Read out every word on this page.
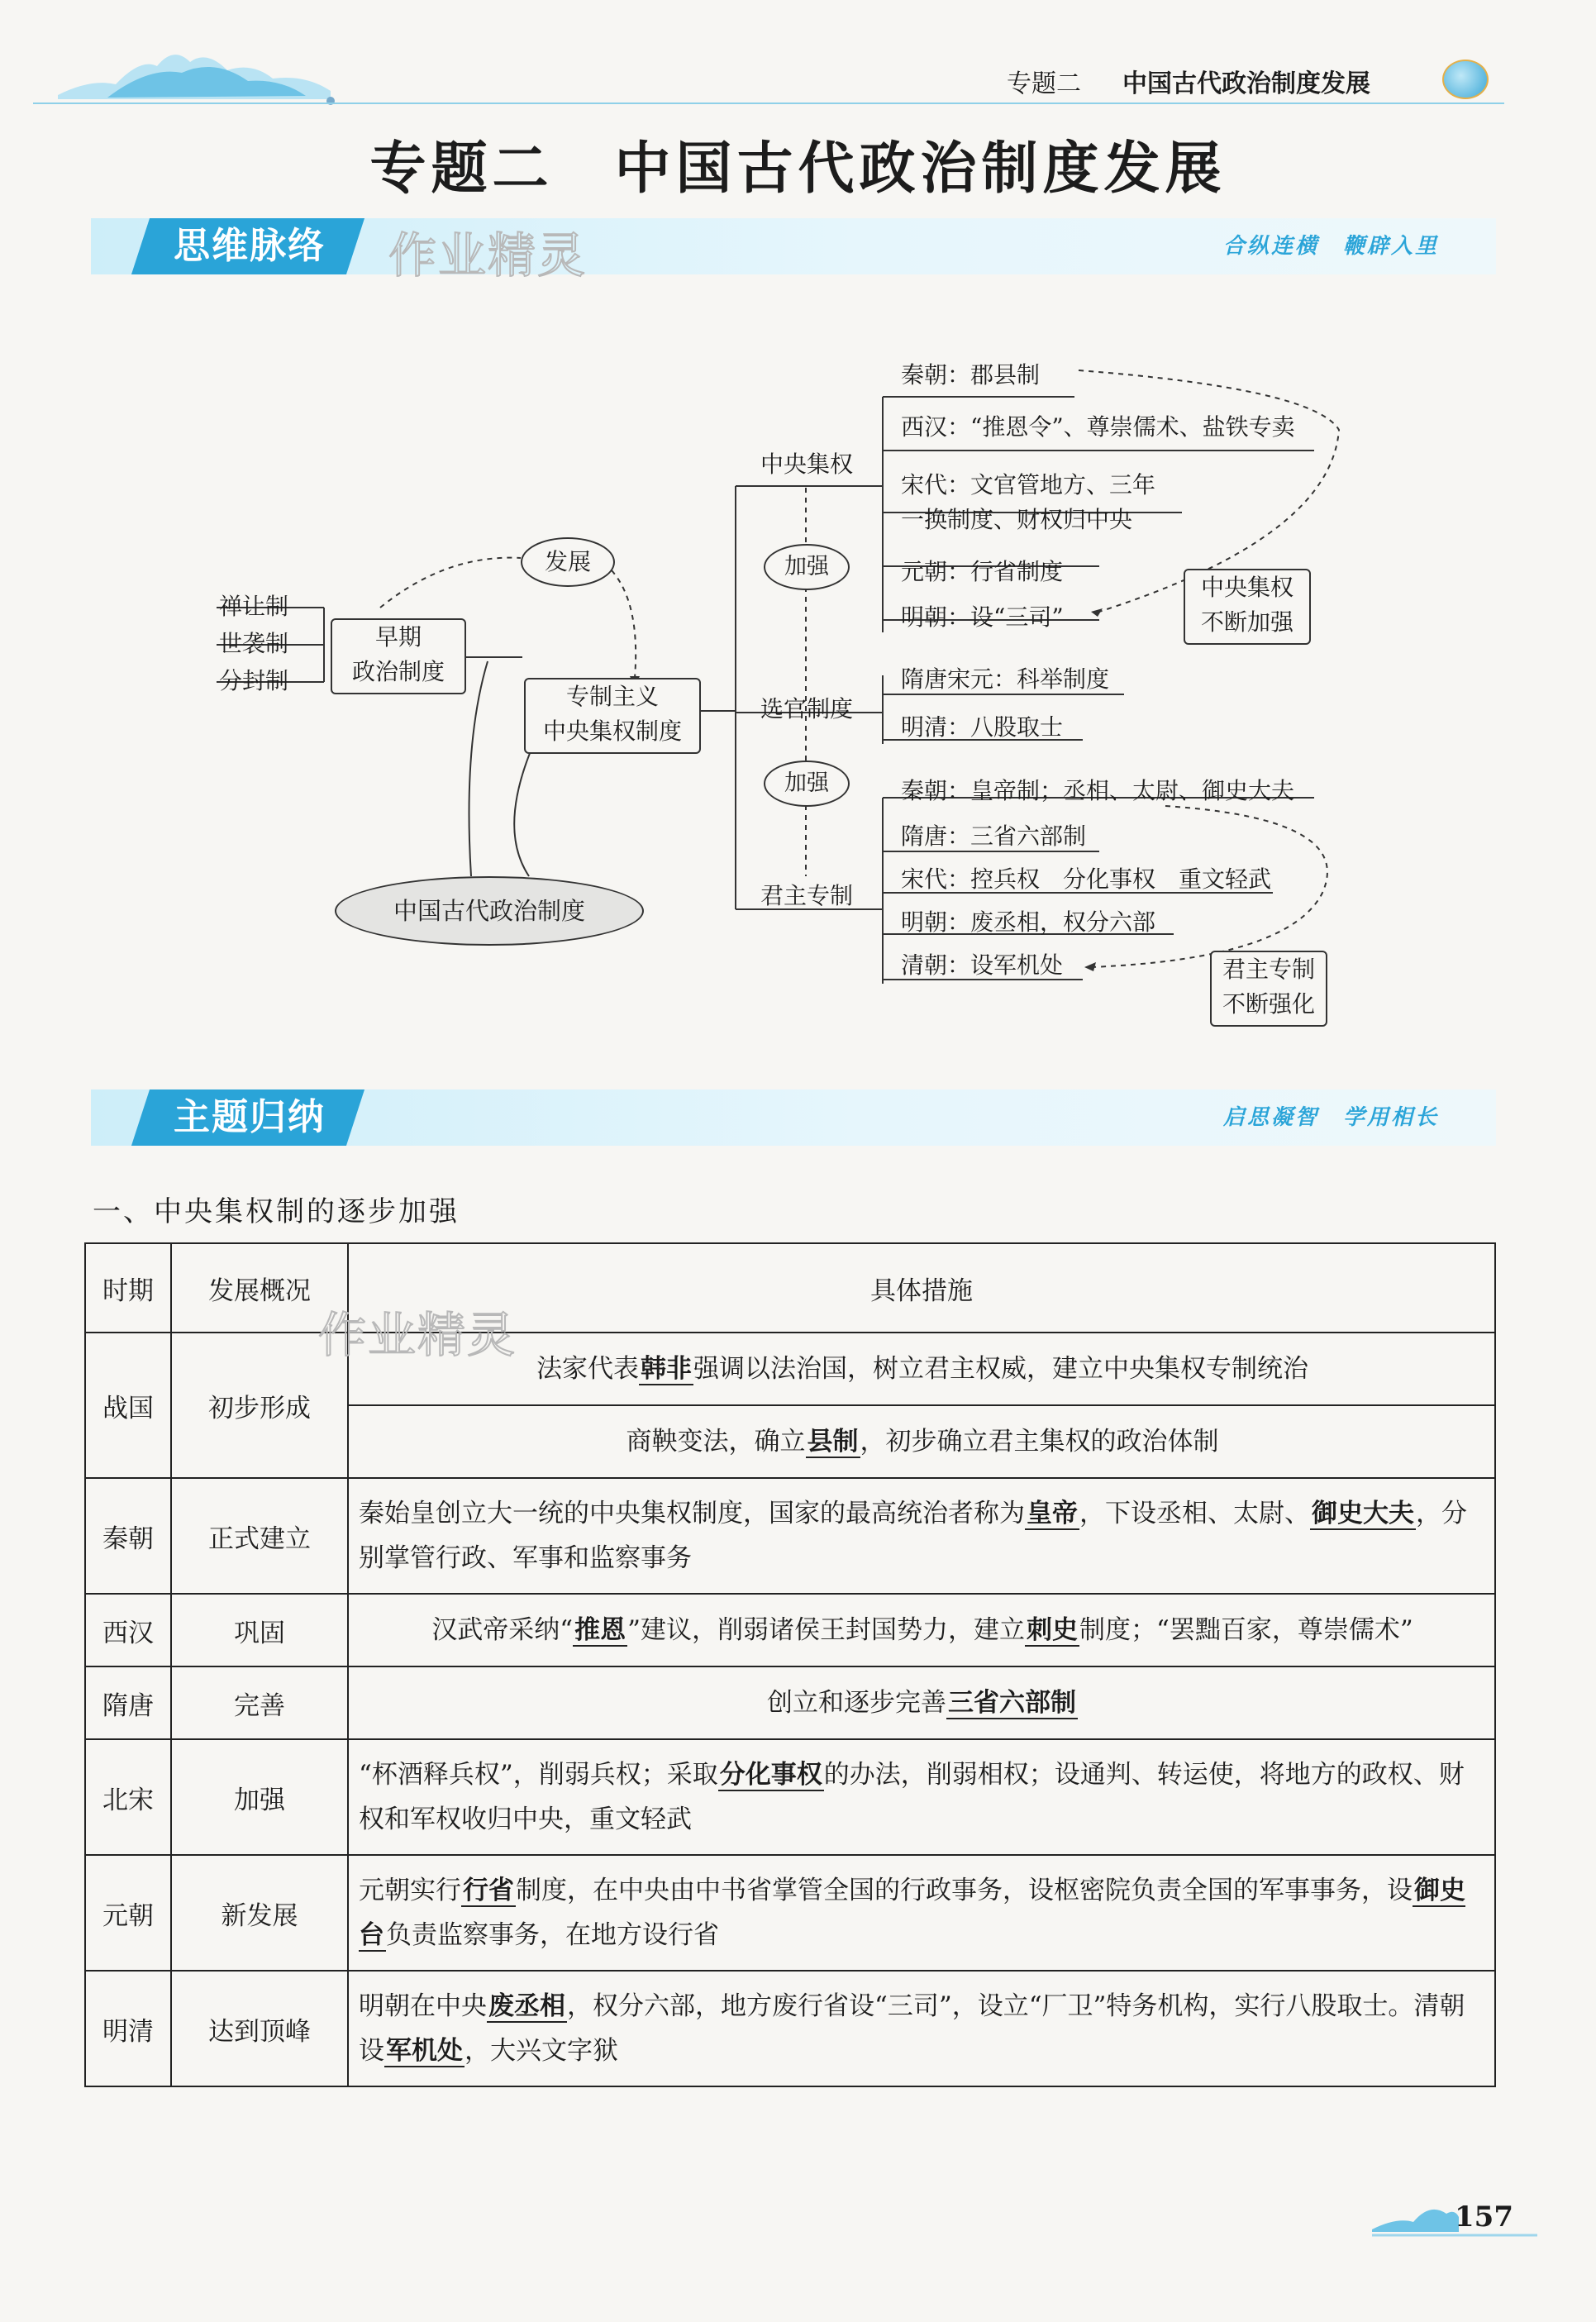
专题二 中国古代政治制度发展
专题二　中国古代政治制度发展
思维脉络 作业精灵	合纵连横　鞭辟入里
禅让制
世袭制
分封制
发展
早期
政治制度
专制主义
中央集权制度
中国古代政治制度
中央集权
加强
选官制度
加强
君主专制
秦朝：郡县制
西汉：“推恩令”、尊崇儒术、盐铁专卖
宋代：文官管地方、三年
一换制度、财权归中央
元朝：行省制度
明朝：设“三司”
中央集权
不断加强
隋唐宋元：科举制度
明清：八股取士
秦朝：皇帝制；丞相、太尉、御史大夫
隋唐：三省六部制
宋代：控兵权　分化事权　重文轻武
明朝：废丞相，权分六部
清朝：设军机处	君主专制
不断强化
主题归纳	启思凝智　学用相长
一、中央集权制的逐步加强
时期	发展概况	具体措施
战国	初步形成	法家代表韩非强调以法治国，树立君主权威，建立中央集权专制统治
		商鞅变法，确立县制，初步确立君主集权的政治体制
秦朝	正式建立	秦始皇创立大一统的中央集权制度，国家的最高统治者称为皇帝，下设丞相、太尉、御史大夫，分别掌管行政、军事和监察事务
西汉	巩固	汉武帝采纳“推恩”建议，削弱诸侯王封国势力，建立刺史制度；“罢黜百家，尊崇儒术”
隋唐	完善	创立和逐步完善三省六部制
北宋	加强	“杯酒释兵权”，削弱兵权；采取分化事权的办法，削弱相权；设通判、转运使，将地方的政权、财权和军权收归中央，重文轻武
元朝	新发展	元朝实行行省制度，在中央由中书省掌管全国的行政事务，设枢密院负责全国的军事事务，设御史台负责监察事务，在地方设行省
明清	达到顶峰	明朝在中央废丞相，权分六部，地方废行省设“三司”，设立“厂卫”特务机构，实行八股取士。清朝设军机处，大兴文字狱
作业精灵
157
